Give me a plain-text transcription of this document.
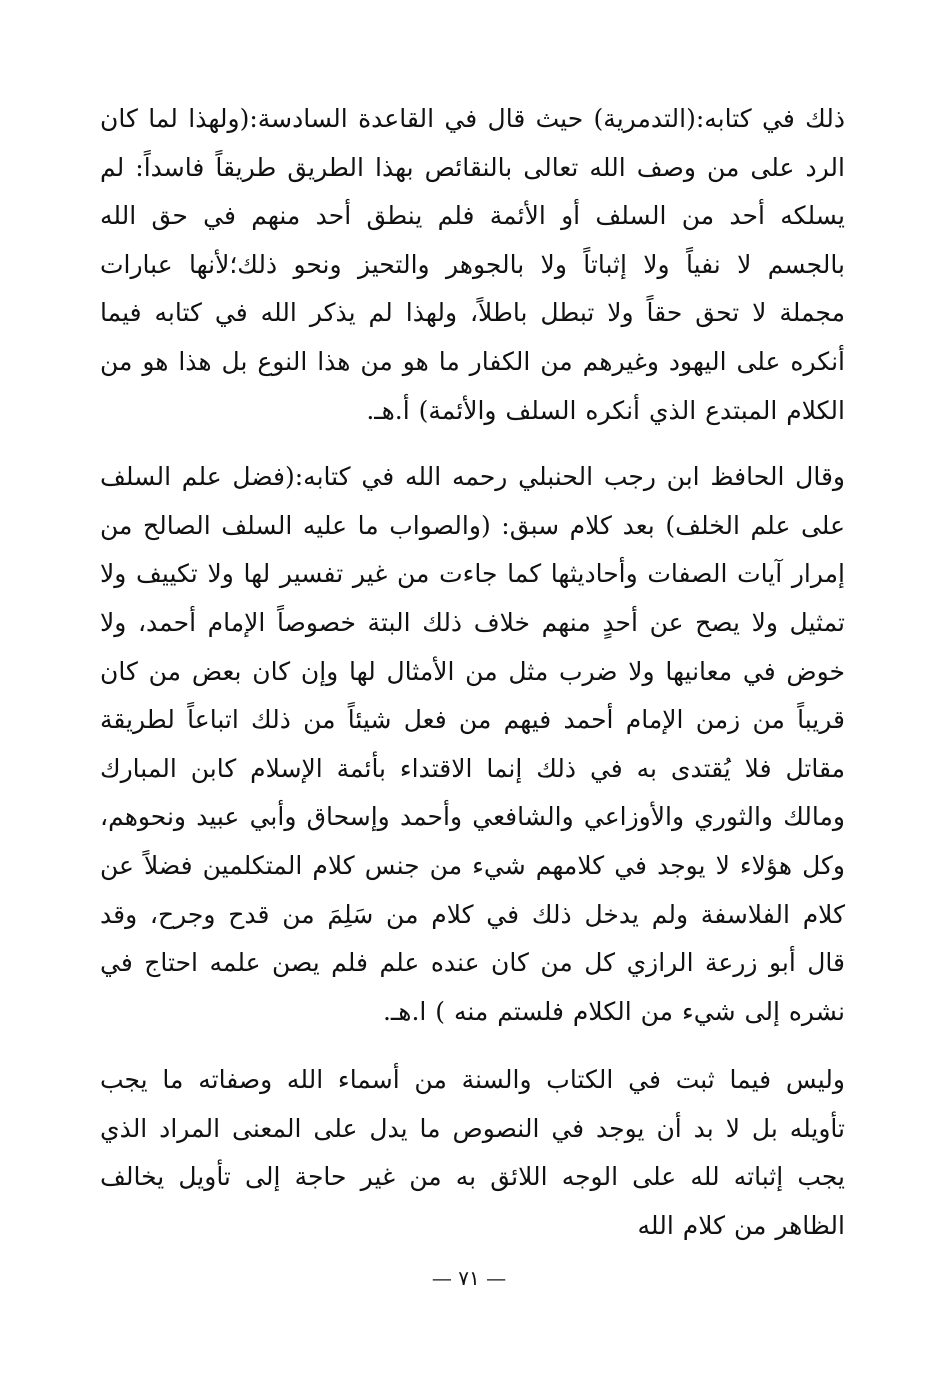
ذلك في كتابه:(التدمرية) حيث قال في القاعدة السادسة:(ولهذا لما كان الرد على من وصف الله تعالى بالنقائص بهذا الطريق طريقاً فاسداً: لم يسلكه أحد من السلف أو الأئمة فلم ينطق أحد منهم في حق الله بالجسم لا نفياً ولا إثباتاً ولا بالجوهر والتحيز ونحو ذلك؛لأنها عبارات مجملة لا تحق حقاً ولا تبطل باطلاً، ولهذا لم يذكر الله في كتابه فيما أنكره على اليهود وغيرهم من الكفار ما هو من هذا النوع بل هذا هو من الكلام المبتدع الذي أنكره السلف والأئمة) أ.هـ.

وقال الحافظ ابن رجب الحنبلي رحمه الله في كتابه:(فضل علم السلف على علم الخلف) بعد كلام سبق: (والصواب ما عليه السلف الصالح من إمرار آيات الصفات وأحاديثها كما جاءت من غير تفسير لها ولا تكييف ولا تمثيل ولا يصح عن أحدٍ منهم خلاف ذلك البتة خصوصاً الإمام أحمد، ولا خوض في معانيها ولا ضرب مثل من الأمثال لها وإن كان بعض من كان قريباً من زمن الإمام أحمد فيهم من فعل شيئاً من ذلك اتباعاً لطريقة مقاتل فلا يُقتدى به في ذلك إنما الاقتداء بأئمة الإسلام كابن المبارك ومالك والثوري والأوزاعي والشافعي وأحمد وإسحاق وأبي عبيد ونحوهم، وكل هؤلاء لا يوجد في كلامهم شيء من جنس كلام المتكلمين فضلاً عن كلام الفلاسفة ولم يدخل ذلك في كلام من سَلِمَ من قدح وجرح، وقد قال أبو زرعة الرازي كل من كان عنده علم فلم يصن علمه احتاج في نشره إلى شيء من الكلام فلستم منه ) ا.هـ.

وليس فيما ثبت في الكتاب والسنة من أسماء الله وصفاته ما يجب تأويله بل لا بد أن يوجد في النصوص ما يدل على المعنى المراد الذي يجب إثباته لله على الوجه اللائق به من غير حاجة إلى تأويل يخالف الظاهر من كلام الله

— ٧١ —
